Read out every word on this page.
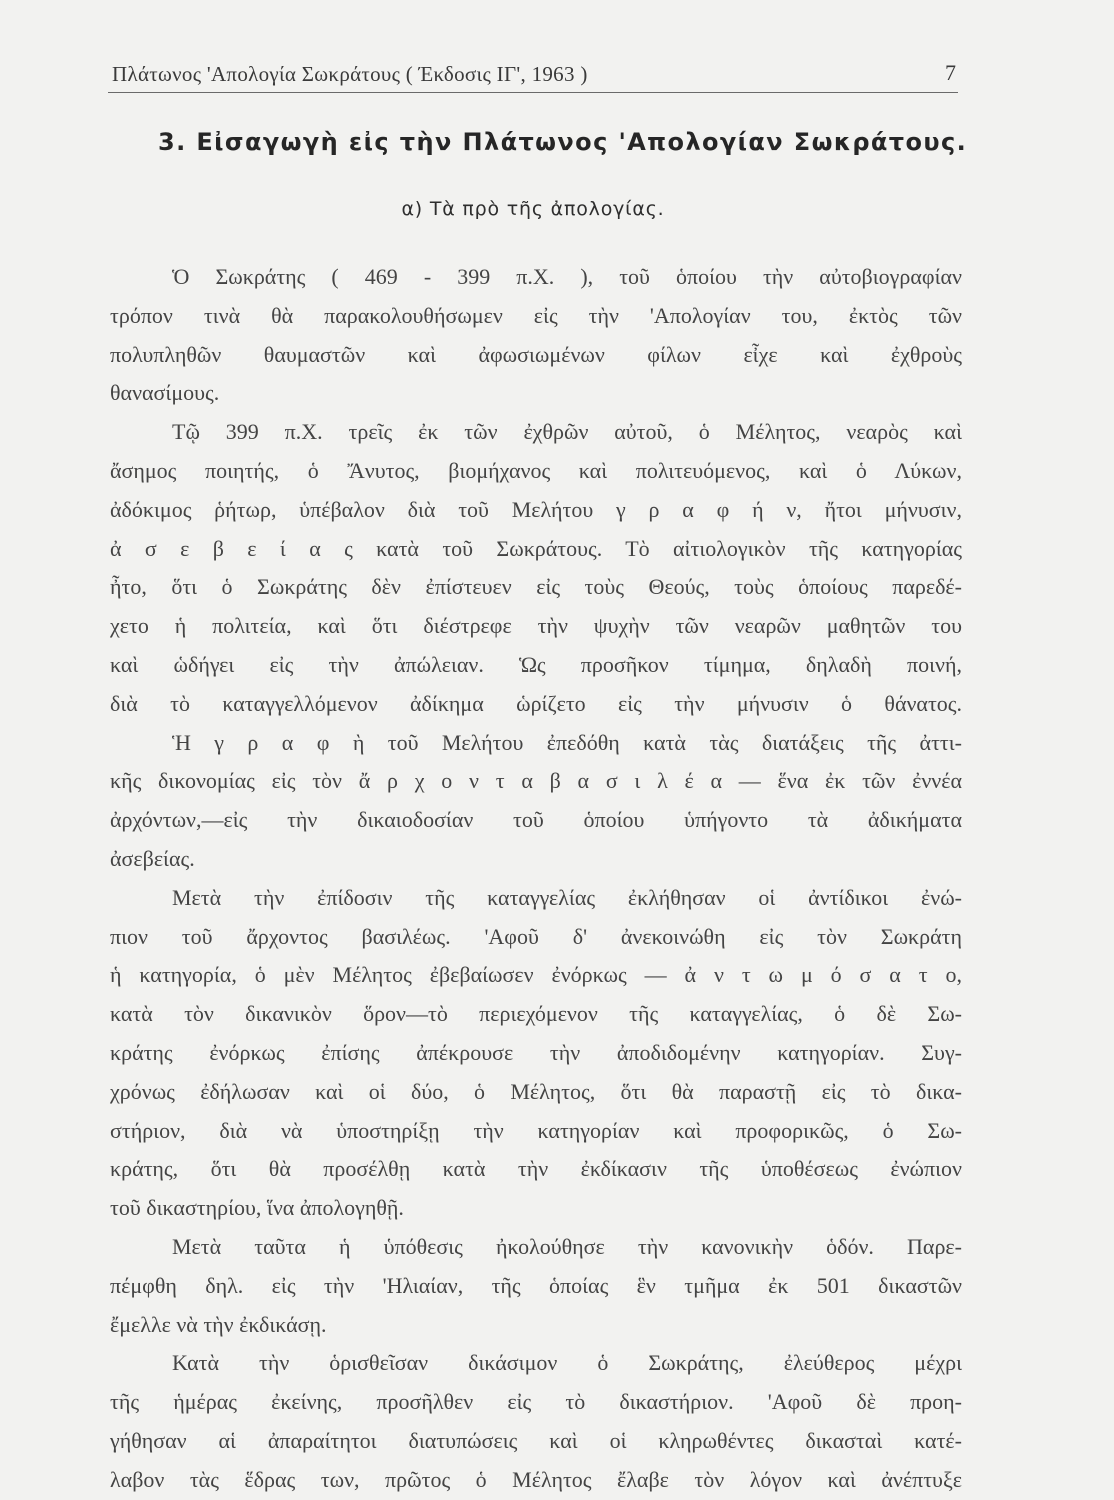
Πλάτωνος 'Απολογία Σωκράτους ( Έκδοσις ΙΓ', 1963 )	7
3. Εἰσαγωγὴ εἰς τὴν Πλάτωνος 'Απολογίαν Σωκράτους.
α) Τὰ πρὸ τῆς ἀπολογίας.
Ὁ Σωκράτης ( 469 - 399 π.Χ. ), τοῦ ὁποίου τὴν αὐτοβιογραφίαν
τρόπον τινὰ θὰ παρακολουθήσωμεν εἰς τὴν 'Απολογίαν του, ἐκτὸς τῶν
πολυπληθῶν θαυμαστῶν καὶ ἀφωσιωμένων φίλων εἶχε καὶ ἐχθροὺς
θανασίμους.
Τῷ 399 π.Χ. τρεῖς ἐκ τῶν ἐχθρῶν αὐτοῦ, ὁ Μέλητος, νεαρὸς καὶ
ἄσημος ποιητής, ὁ Ἄνυτος, βιομήχανος καὶ πολιτευόμενος, καὶ ὁ Λύκων,
ἀδόκιμος ῥήτωρ, ὑπέβαλον διὰ τοῦ Μελήτου γ ρ α φ ή ν, ἤτοι μήνυσιν,
ἀ σ ε β ε ί α ς κατὰ τοῦ Σωκράτους. Τὸ αἰτιολογικὸν τῆς κατηγορίας
ἦτο, ὅτι ὁ Σωκράτης δὲν ἐπίστευεν εἰς τοὺς Θεούς, τοὺς ὁποίους παρεδέ-
χετο ἡ πολιτεία, καὶ ὅτι διέστρεφε τὴν ψυχὴν τῶν νεαρῶν μαθητῶν του
καὶ ὡδήγει εἰς τὴν ἀπώλειαν. Ὡς προσῆκον τίμημα, δηλαδὴ ποινή,
διὰ τὸ καταγγελλόμενον ἀδίκημα ὡρίζετο εἰς τὴν μήνυσιν ὁ θάνατος.
Ἡ γ ρ α φ ὴ τοῦ Μελήτου ἐπεδόθη κατὰ τὰς διατάξεις τῆς ἀττι-
κῆς δικονομίας εἰς τὸν ἄ ρ χ ο ν τ α β α σ ι λ έ α — ἕνα ἐκ τῶν ἐννέα
ἀρχόντων,—εἰς τὴν δικαιοδοσίαν τοῦ ὁποίου ὑπήγοντο τὰ ἀδικήματα
ἀσεβείας.
Μετὰ τὴν ἐπίδοσιν τῆς καταγγελίας ἐκλήθησαν οἱ ἀντίδικοι ἐνώ-
πιον τοῦ ἄρχοντος βασιλέως. 'Αφοῦ δ' ἀνεκοινώθη εἰς τὸν Σωκράτη
ἡ κατηγορία, ὁ μὲν Μέλητος ἐβεβαίωσεν ἐνόρκως — ἀ ν τ ω μ ό σ α τ ο,
κατὰ τὸν δικανικὸν ὅρον—τὸ περιεχόμενον τῆς καταγγελίας, ὁ δὲ Σω-
κράτης ἐνόρκως ἐπίσης ἀπέκρουσε τὴν ἀποδιδομένην κατηγορίαν. Συγ-
χρόνως ἐδήλωσαν καὶ οἱ δύο, ὁ Μέλητος, ὅτι θὰ παραστῇ εἰς τὸ δικα-
στήριον, διὰ νὰ ὑποστηρίξῃ τὴν κατηγορίαν καὶ προφορικῶς, ὁ Σω-
κράτης, ὅτι θὰ προσέλθῃ κατὰ τὴν ἐκδίκασιν τῆς ὑποθέσεως ἐνώπιον
τοῦ δικαστηρίου, ἵνα ἀπολογηθῇ.
Μετὰ ταῦτα ἡ ὑπόθεσις ἠκολούθησε τὴν κανονικὴν ὁδόν. Παρε-
πέμφθη δηλ. εἰς τὴν 'Ηλιαίαν, τῆς ὁποίας ἓν τμῆμα ἐκ 501 δικαστῶν
ἔμελλε νὰ τὴν ἐκδικάσῃ.
Κατὰ τὴν ὁρισθεῖσαν δικάσιμον ὁ Σωκράτης, ἐλεύθερος μέχρι
τῆς ἡμέρας ἐκείνης, προσῆλθεν εἰς τὸ δικαστήριον. 'Αφοῦ δὲ προη-
γήθησαν αἱ ἀπαραίτητοι διατυπώσεις καὶ οἱ κληρωθέντες δικασταὶ κατέ-
λαβον τὰς ἕδρας των, πρῶτος ὁ Μέλητος ἔλαβε τὸν λόγον καὶ ἀνέπτυξε
